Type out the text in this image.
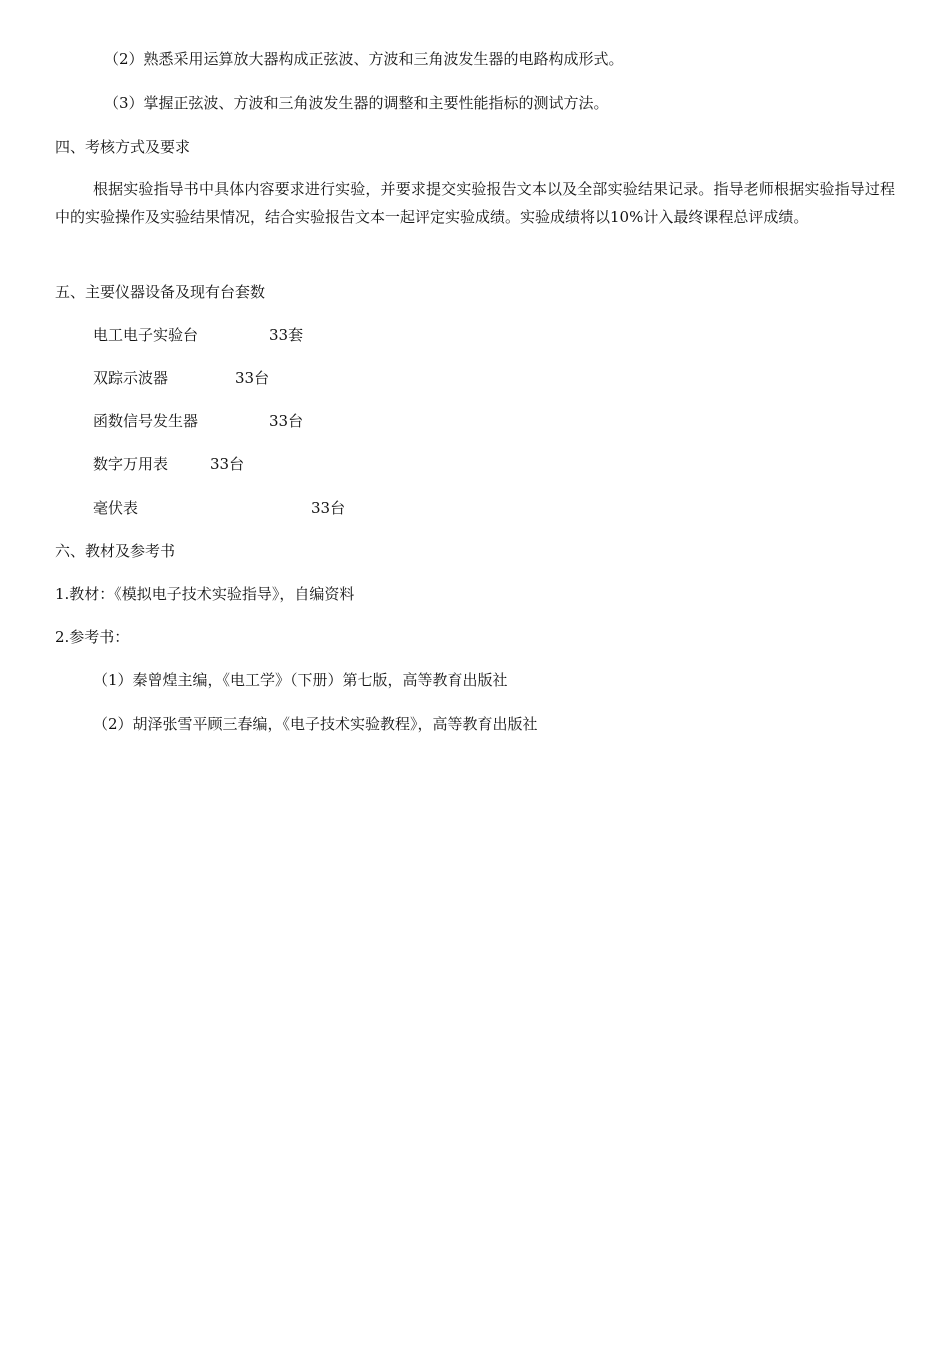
（2）熟悉采用运算放大器构成正弦波、方波和三角波发生器的电路构成形式。
（3）掌握正弦波、方波和三角波发生器的调整和主要性能指标的测试方法。
四、考核方式及要求
根据实验指导书中具体内容要求进行实验，并要求提交实验报告文本以及全部实验结果记录。指导老师根据实验指导过程中的实验操作及实验结果情况，结合实验报告文本一起评定实验成绩。实验成绩将以10%计入最终课程总评成绩。
五、主要仪器设备及现有台套数
电工电子实验台	33套
双踪示波器	33台
函数信号发生器	33台
数字万用表	33台
毫伏表	33台
六、教材及参考书
1.教材：《模拟电子技术实验指导》，自编资料
2.参考书：
（1）秦曾煌主编，《电工学》（下册）第七版，高等教育出版社
（2）胡泽张雪平顾三春编，《电子技术实验教程》，高等教育出版社
